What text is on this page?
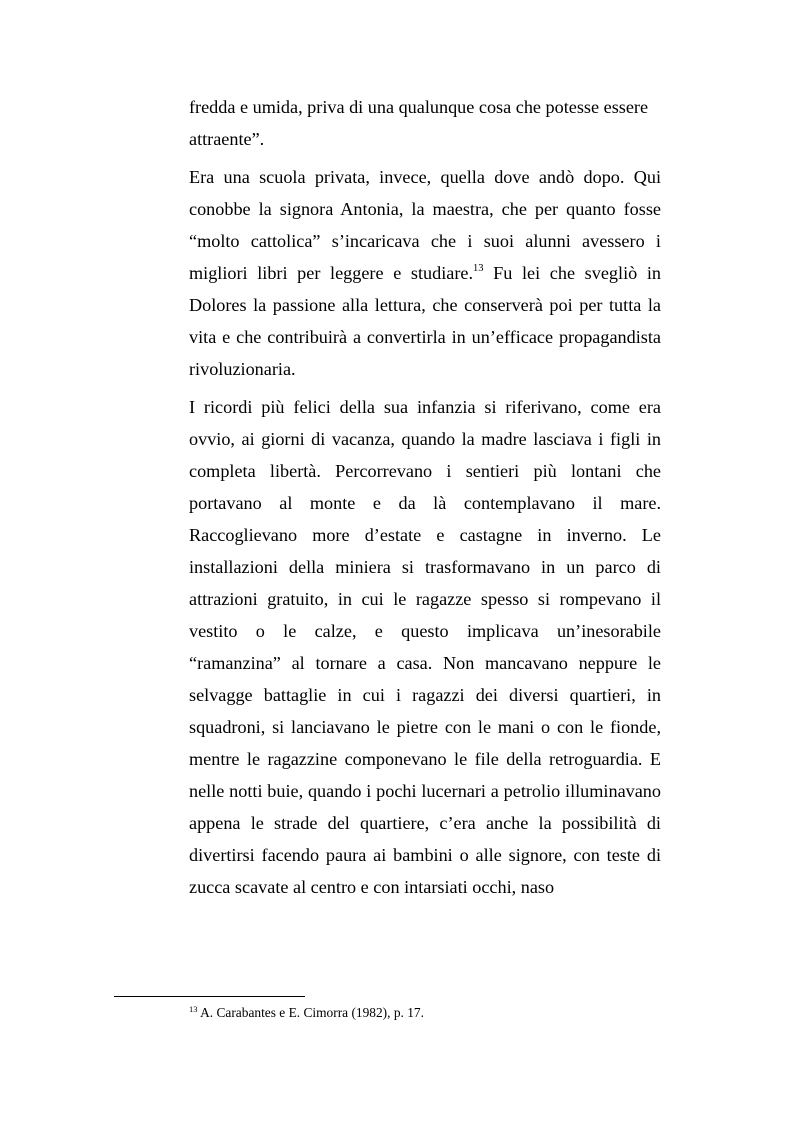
fredda e umida, priva di una qualunque cosa che potesse essere attraente”.

Era una scuola privata, invece, quella dove andò dopo. Qui conobbe la signora Antonia, la maestra, che per quanto fosse “molto cattolica” s’incaricava che i suoi alunni avessero i migliori libri per leggere e studiare.$^{13}$ Fu lei che svegliò in Dolores la passione alla lettura, che conserverà poi per tutta la vita e che contribuirà a convertirla in un’efficace propagandista rivoluzionaria.

I ricordi più felici della sua infanzia si riferivano, come era ovvio, ai giorni di vacanza, quando la madre lasciava i figli in completa libertà. Percorrevano i sentieri più lontani che portavano al monte e da là contemplavano il mare. Raccoglievano more d’estate e castagne in inverno. Le installazioni della miniera si trasformavano in un parco di attrazioni gratuito, in cui le ragazze spesso si rompevano il vestito o le calze, e questo implicava un’inesorabile “ramanzina” al tornare a casa. Non mancavano neppure le selvagge battaglie in cui i ragazzi dei diversi quartieri, in squadroni, si lanciavano le pietre con le mani o con le fionde, mentre le ragazzine componevano le file della retroguardia. E nelle notti buie, quando i pochi lucernari a petrolio illuminavano appena le strade del quartiere, c’era anche la possibilità di divertirsi facendo paura ai bambini o alle signore, con teste di zucca scavate al centro e con intarsiati occhi, naso

$^{13}$ A. Carabantes e E. Cimorra (1982), p. 17.
